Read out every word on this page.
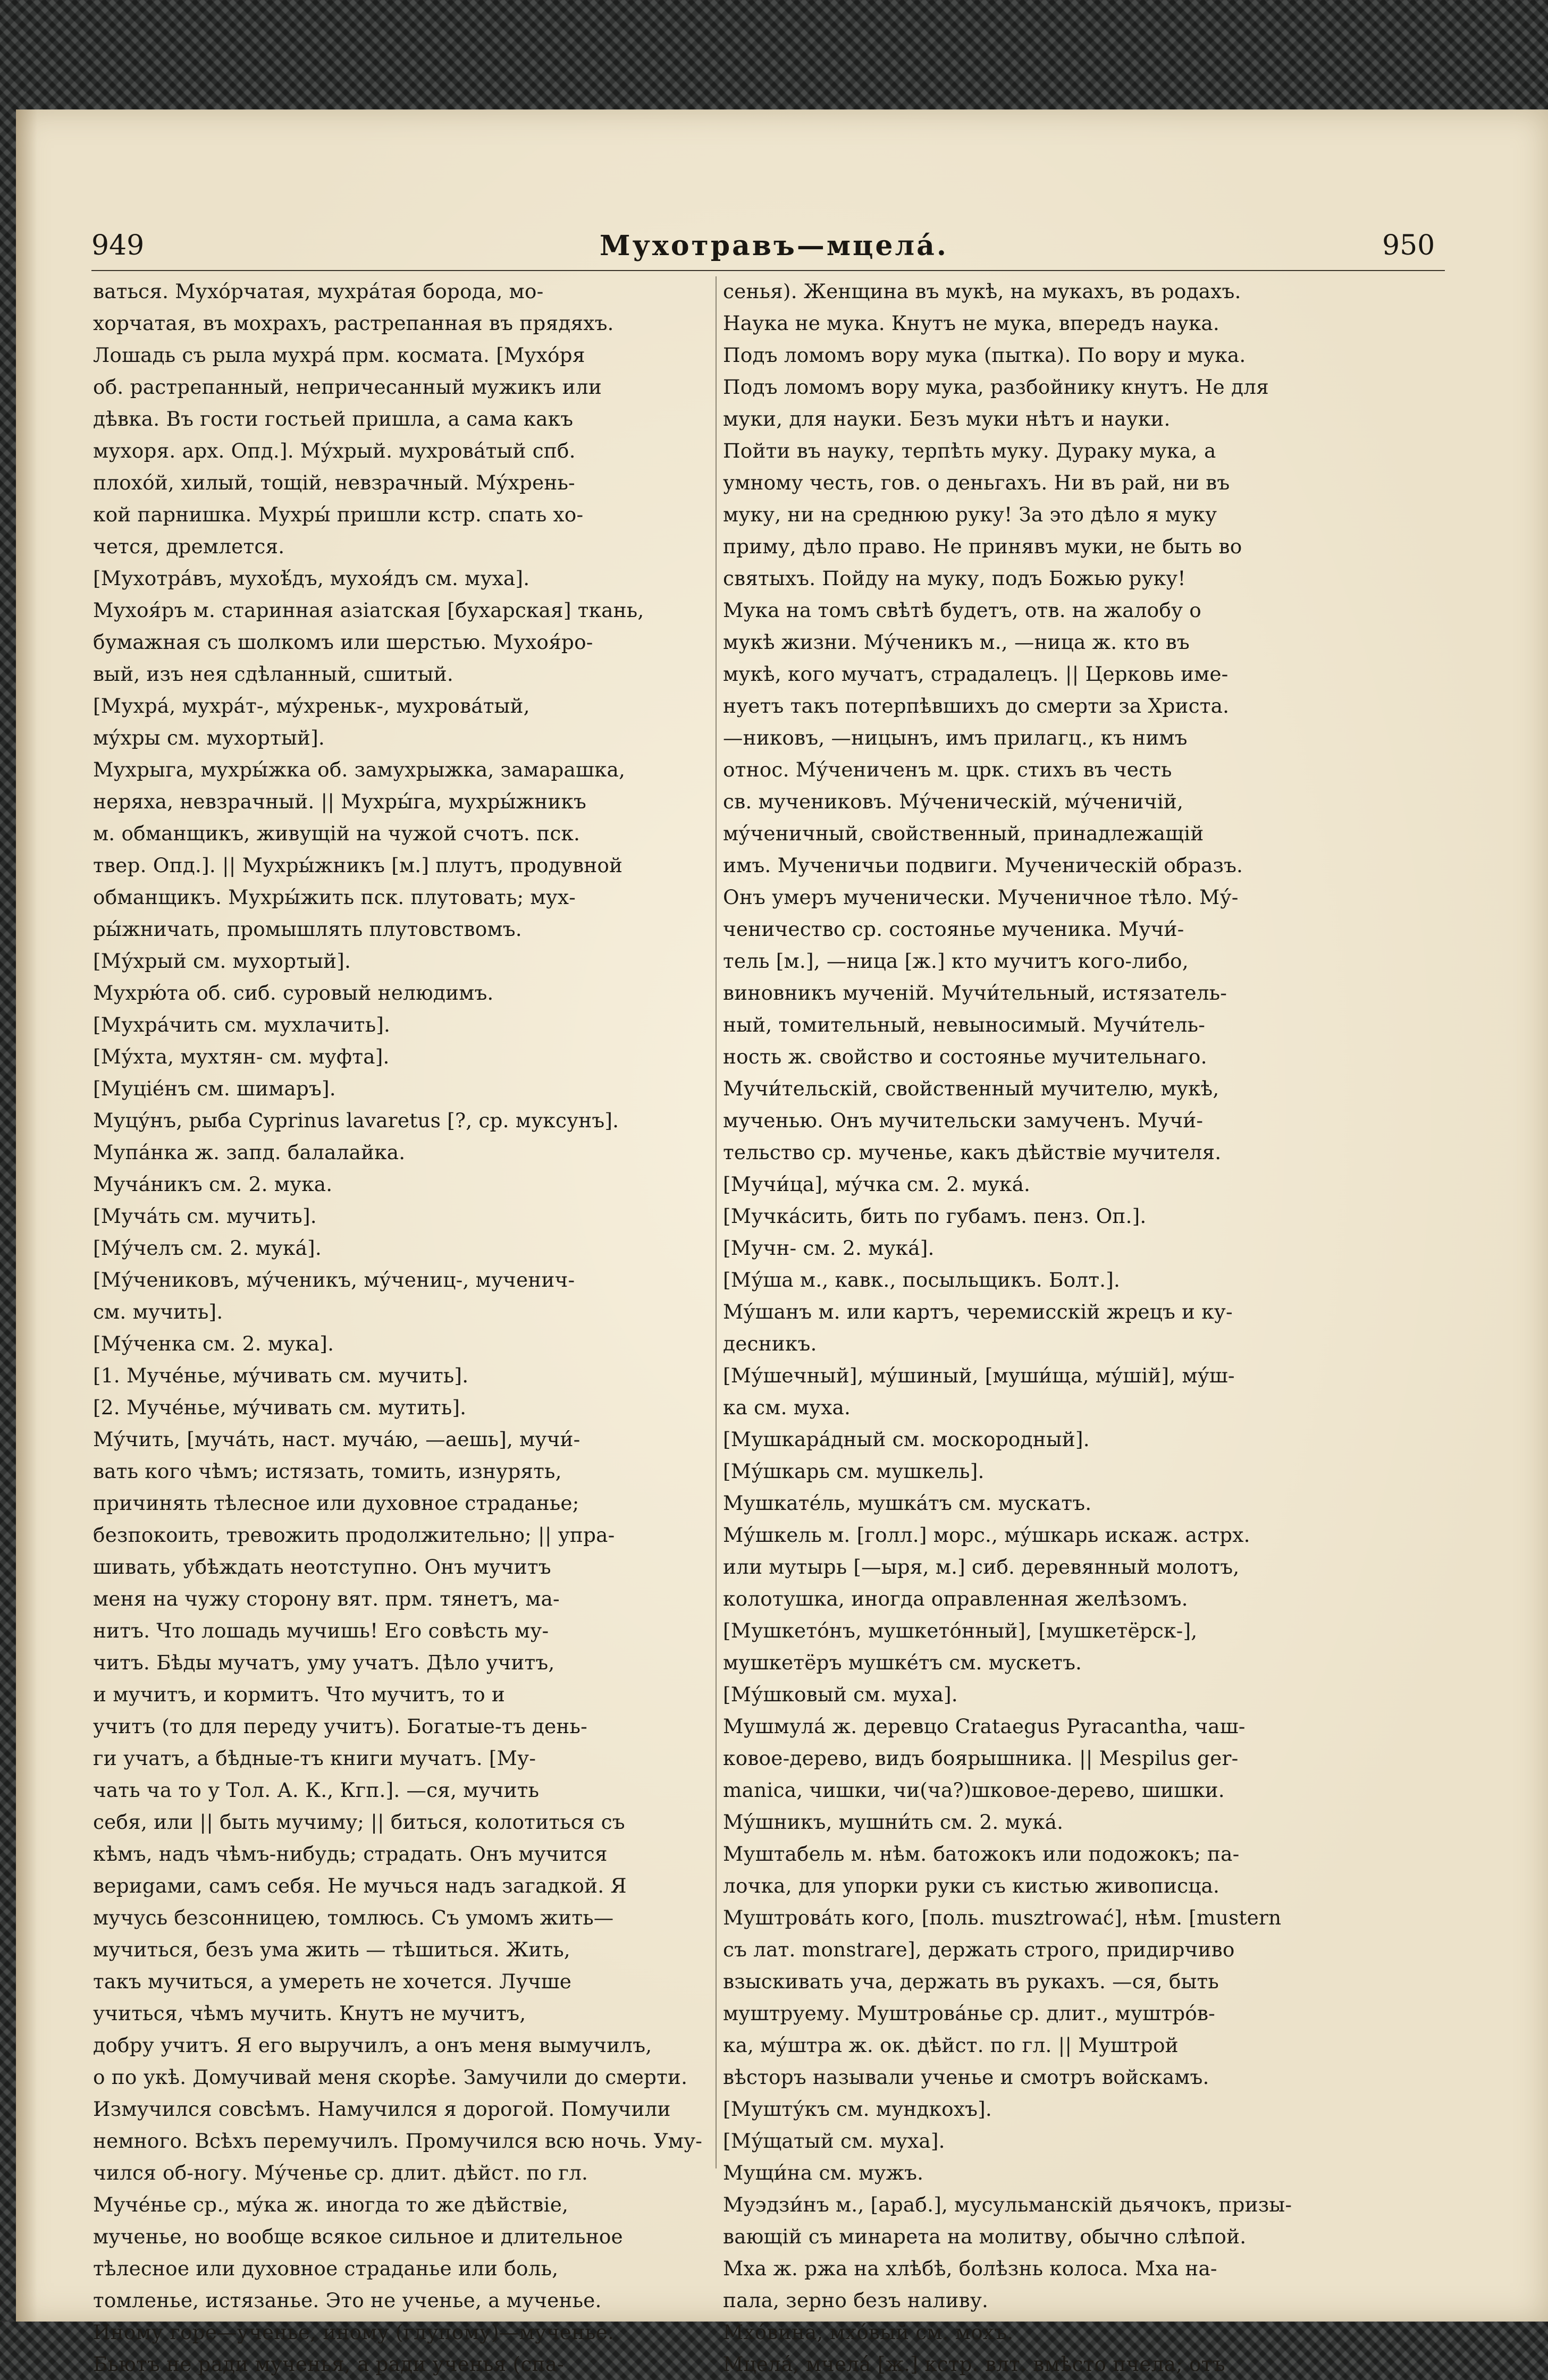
949	Мухотравъ—мцела́.	950
ваться. Мухо́рчатая, мухра́тая борода, мо-
хорчатая, въ мохрахъ, растрепанная въ прядяхъ.
Лошадь съ рыла мухра́ прм. космата. [Мухо́ря
об. растрепанный, непричесанный мужикъ или
дѣвка. Въ гости гостьей пришла, а сама какъ
мухоря. арх. Опд.]. Му́хрый. мухрова́тый спб.
плохо́й, хилый, тощій, невзрачный. Му́хрень-
кой парнишка. Мухры́ пришли кстр. спать хо-
чется, дремлется.
[Мухотра́въ, мухоѣ́дъ, мухоя́дъ см. муха].
Мухоя́ръ м. старинная азіатская [бухарская] ткань,
бумажная съ шолкомъ или шерстью. Мухоя́ро-
вый, изъ нея сдѣланный, сшитый.
[Мухра́, мухра́т-, му́хреньк-, мухрова́тый,
му́хры см. мухортый].
Мухрыга, мухры́жка об. замухрыжка, замарашка,
неряха, невзрачный. || Мухры́га, мухры́жникъ
м. обманщикъ, живущій на чужой счотъ. пск.
твер. Опд.]. || Мухры́жникъ [м.] плутъ, продувной
обманщикъ. Мухры́жить пск. плутовать; мух-
ры́жничать, промышлять плутовствомъ.
[Му́хрый см. мухортый].
Мухрю́та об. сиб. суровый нелюдимъ.
[Мухра́чить см. мухлачить].
[Му́хта, мухтян- см. муфта].
[Муціе́нъ см. шимаръ].
Муцу́нъ, рыба Cyprinus lavaretus [?, ср. муксунъ].
Мупа́нка ж. запд. балалайка.
Муча́никъ см. 2. мука.
[Муча́ть см. мучить].
[Му́челъ см. 2. мука́].
[Му́чениковъ, му́ченикъ, му́чениц-, мученич-
см. мучить].
[Му́ченка см. 2. мука].
[1. Муче́нье, му́чивать см. мучить].
[2. Муче́нье, му́чивать см. мутить].
Му́чить, [муча́ть, наст. муча́ю, —аешь], мучи́-
вать кого чѣмъ; истязать, томить, изнурять,
причинять тѣлесное или духовное страданье;
безпокоить, тревожить продолжительно; || упра-
шивать, убѣждать неотступно. Онъ мучитъ
меня на чужу сторону вят. прм. тянетъ, ма-
нитъ. Что лошадь мучишь! Его совѣсть му-
читъ. Бѣды мучатъ, уму учатъ. Дѣло учитъ,
и мучитъ, и кормитъ. Что мучитъ, то и
учитъ (то для переду учитъ). Богатые-тъ день-
ги учатъ, а бѣдные-тъ книги мучатъ. [Му-
чать ча то у Тол. А. К., Кгп.]. —ся, мучить
себя, или || быть мучиму; || биться, колотиться съ
кѣмъ, надъ чѣмъ-нибудь; страдать. Онъ мучится
вериgами, самъ себя. Не мучься надъ загадкой. Я
мучусь безсонницею, томлюсь. Съ умомъ жить—
мучиться, безъ ума жить — тѣшиться. Жить,
такъ мучиться, а умереть не хочется. Лучше
учиться, чѣмъ мучить. Кнутъ не мучитъ,
добру учитъ. Я его выручилъ, а онъ меня вымучилъ,
о по укѣ. Домучивай меня скорѣе. Замучили до смерти.
Измучился совсѣмъ. Намучился я дорогой. Помучили
немного. Всѣхъ перемучилъ. Промучился всю ночь. Уму-
чился об-ногу. Му́ченье ср. длит. дѣйст. по гл.
Муче́нье ср., му́ка ж. иногда то же дѣйствіе,
мученье, но вообще всякое сильное и длительное
тѣлесное или духовное страданье или боль,
томленье, истязанье. Это не ученье, а мученье.
Иному горе—ученье, иному (глупому)—мученье.
Бьютъ не ради мученья, а ради ученья (спа-
сенья). Женщина въ мукѣ, на мукахъ, въ родахъ.
Наука не мука. Кнутъ не мука, впередъ наука.
Подъ ломомъ вору мука (пытка). По вору и мука.
Подъ ломомъ вору мука, разбойнику кнутъ. Не для
муки, для науки. Безъ муки нѣтъ и науки.
Пойти въ науку, терпѣть муку. Дураку мука, а
умному честь, гов. о деньгахъ. Ни въ рай, ни въ
муку, ни на среднюю руку! За это дѣло я муку
приму, дѣло право. Не принявъ муки, не быть во
святыхъ. Пойду на муку, подъ Божью руку!
Мука на томъ свѣтѣ будетъ, отв. на жалобу о
мукѣ жизни. Му́ченикъ м., —ница ж. кто въ
мукѣ, кого мучатъ, страдалецъ. || Церковь име-
нуетъ такъ потерпѣвшихъ до смерти за Христа.
—никовъ, —ницынъ, имъ прилагц., къ нимъ
относ. Му́чениченъ м. црк. стихъ въ честь
св. мучениковъ. Му́ченическій, му́ченичій,
му́ченичный, свойственный, принадлежащій
имъ. Мученичьи подвиги. Мученическій образъ.
Онъ умеръ мученически. Мученичное тѣло. Му́-
ченичество ср. состоянье мученика. Мучи́-
тель [м.], —ница [ж.] кто мучитъ кого-либо,
виновникъ мученій. Мучи́тельный, истязатель-
ный, томительный, невыносимый. Мучи́тель-
ность ж. свойство и состоянье мучительнаго.
Мучи́тельскій, свойственный мучителю, мукѣ,
мученью. Онъ мучительски замученъ. Мучи́-
тельство ср. мученье, какъ дѣйствіе мучителя.
[Мучи́ца], му́чка см. 2. мука́.
[Мучка́сить, бить по губамъ. пенз. Оп.].
[Мучн- см. 2. мука́].
[Му́ша м., кавк., посыльщикъ. Болт.].
Му́шанъ м. или картъ, черемисскій жрецъ и ку-
десникъ.
[Му́шечный], му́шиный, [муши́ща, му́шій], му́ш-
ка см. муха.
[Мушкара́дный см. москородный].
[Му́шкарь см. мушкель].
Мушкате́ль, мушка́тъ см. мускатъ.
Му́шкель м. [голл.] морс., му́шкарь искаж. астрх.
или мутырь [—ыря, м.] сиб. деревянный молотъ,
колотушка, иногда оправленная желѣзомъ.
[Мушкето́нъ, мушкето́нный], [мушкетёрск-],
мушкетёръ мушке́тъ см. мускетъ.
[Му́шковый см. муха].
Мушмула́ ж. деревцо Crataegus Pyracantha, чаш-
ковое-дерево, видъ боярышника. || Mespilus ger-
manica, чишки, чи(ча?)шковое-дерево, шишки.
Му́шникъ, мушни́ть см. 2. мука́.
Муштабель м. нѣм. батожокъ или подожокъ; па-
лочка, для упорки руки съ кистью живописца.
Муштрова́ть кого, [поль. musztrować], нѣм. [mustern
съ лат. monstrare], держать строго, придирчиво
взыскивать уча, держать въ рукахъ. —ся, быть
муштруему. Муштрова́нье ср. длит., муштро́в-
ка, му́штра ж. ок. дѣйст. по гл. || Муштрой
вѣсторъ называли ученье и смотръ войскамъ.
[Мушту́къ см. мундкохъ].
[Му́щатый см. муха].
Мущи́на см. мужъ.
Муэдзи́нъ м., [араб.], мусульманскій дьячокъ, призы-
вающій съ минарета на молитву, обычно слѣпой.
Мха ж. ржа на хлѣбѣ, болѣзнь колоса. Мха на-
пала, зерно безъ наливу.
Мхо́вина, мхо́вый см. мохъ.
Мцела́, мчела́ [ж.] кстр. влт. вмѣсто пчела; отъ
